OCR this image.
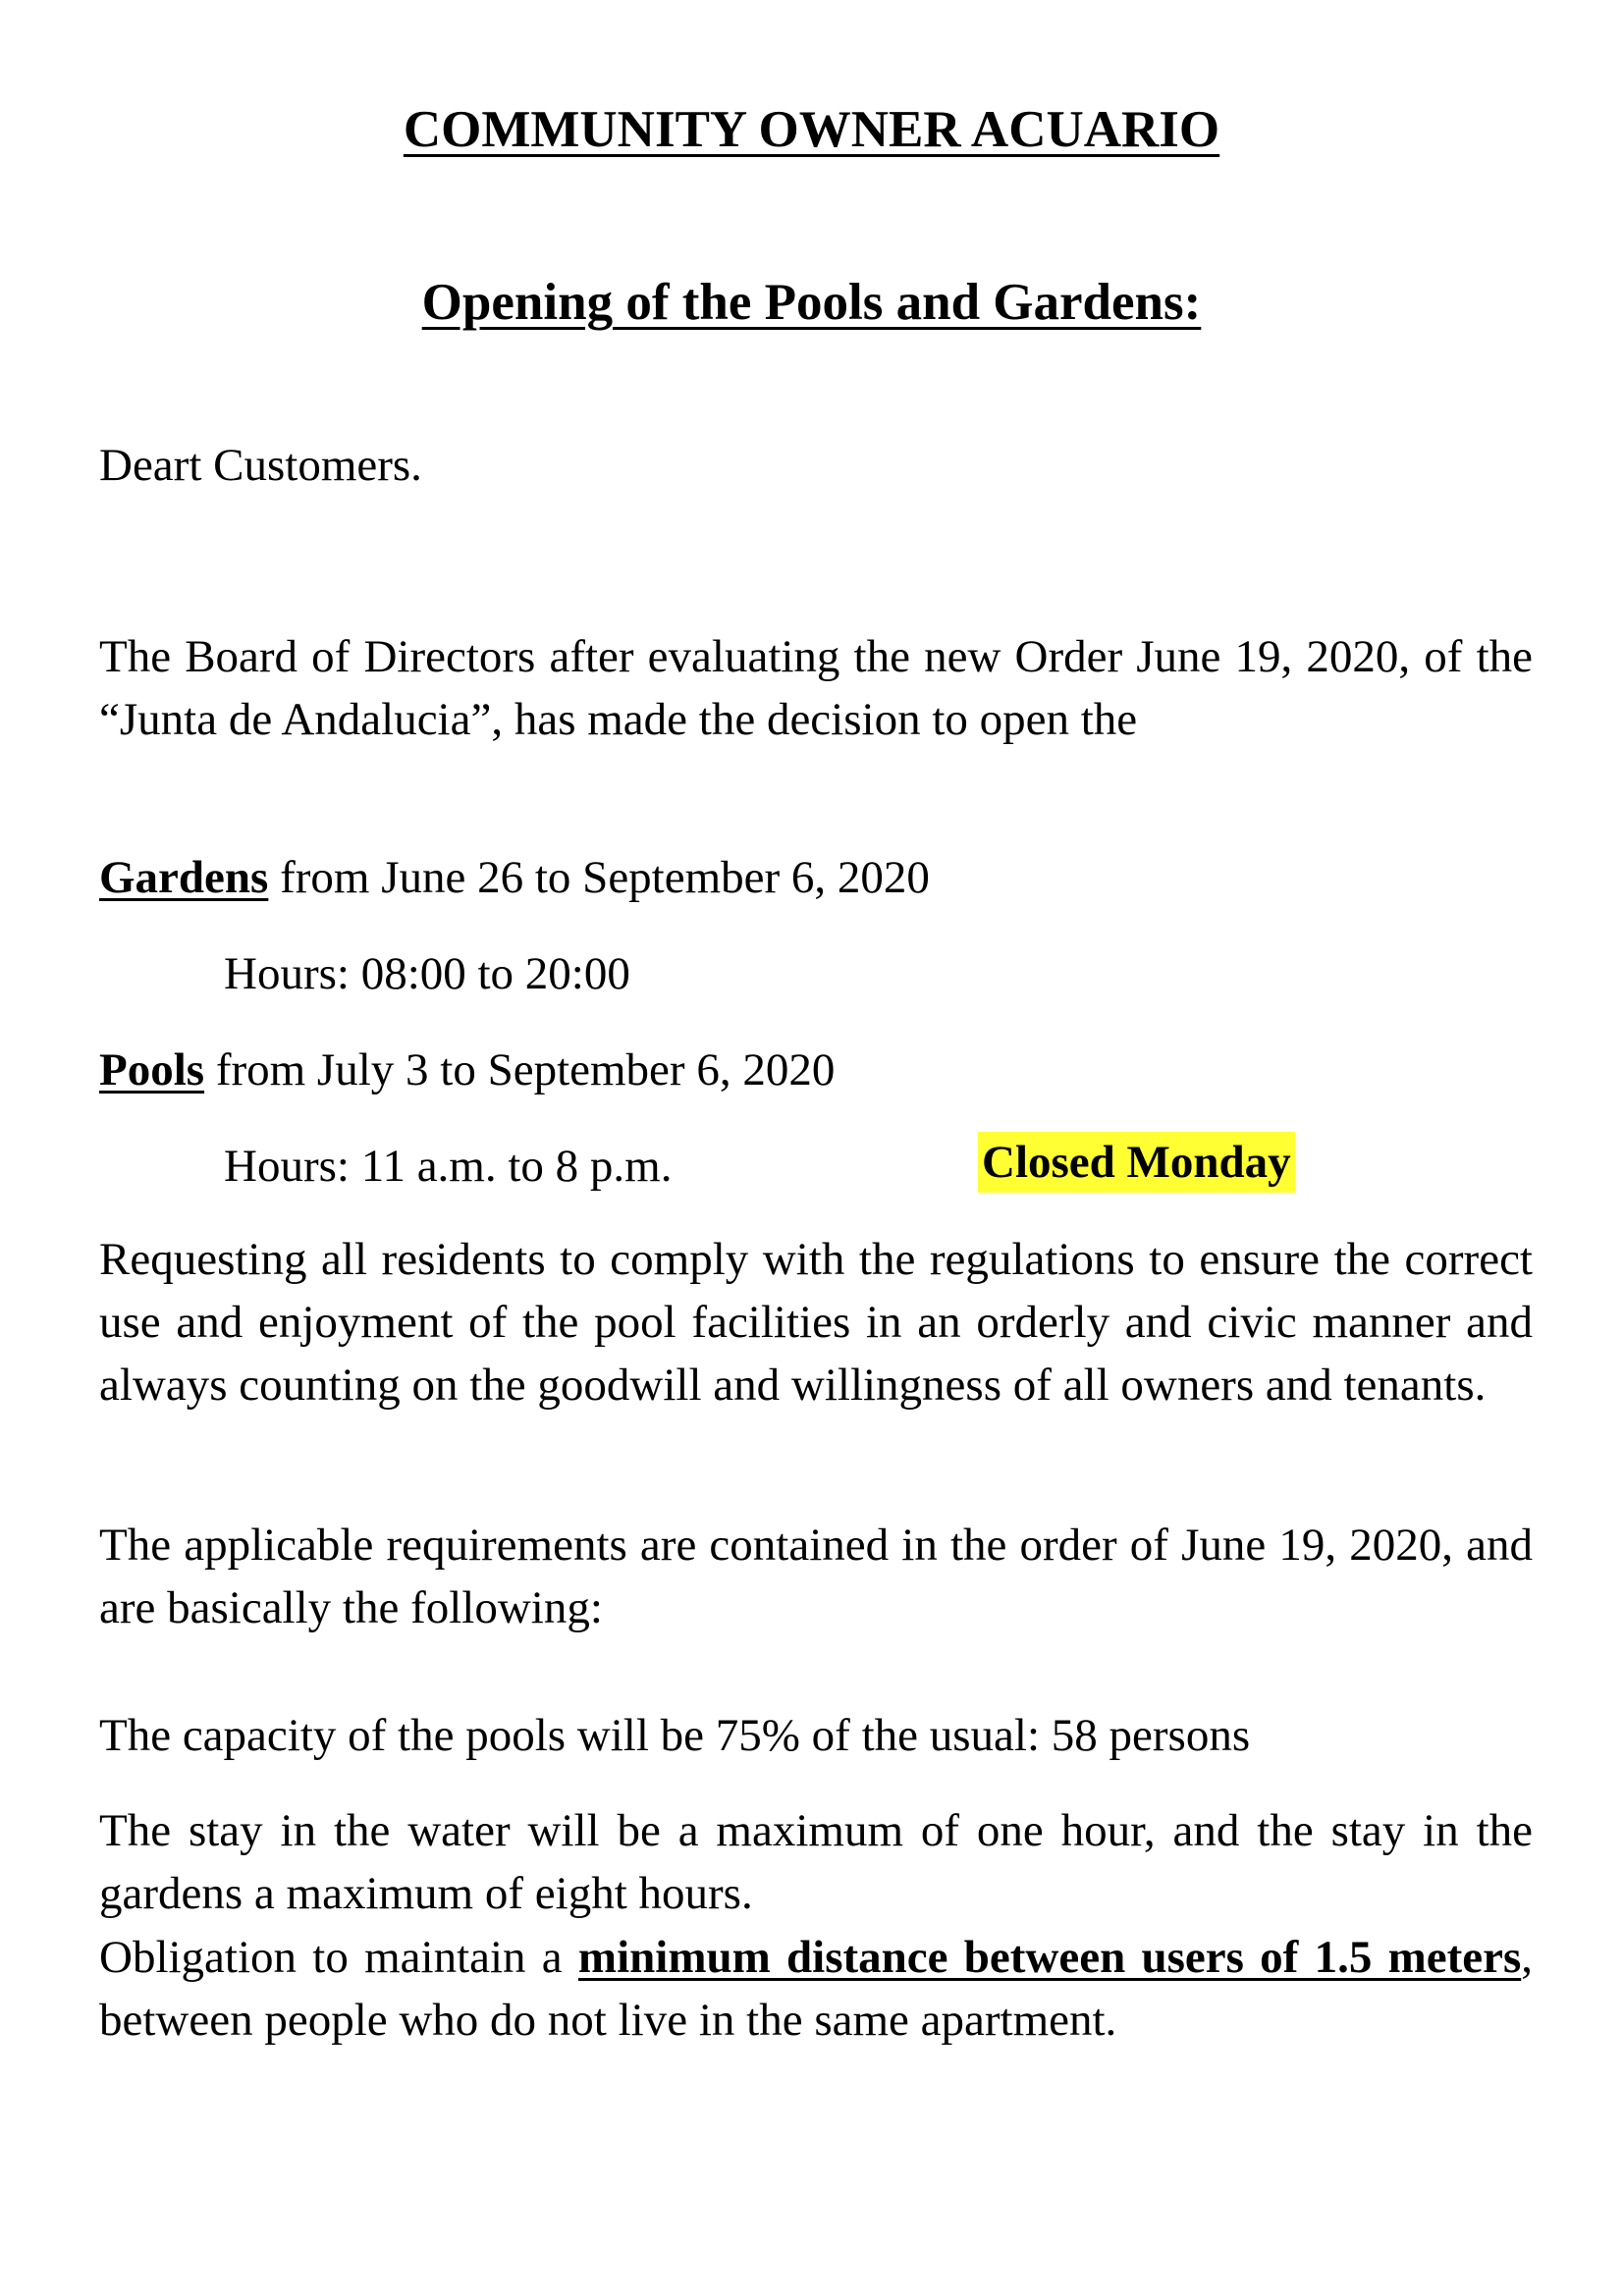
COMMUNITY OWNER ACUARIO
Opening of the Pools and Gardens:
Deart Customers.
The Board of Directors after evaluating the new Order June 19, 2020, of the “Junta de Andalucia”, has made the decision to open the
Gardens from June 26 to September 6, 2020
Hours: 08:00 to 20:00
Pools from July 3 to September 6, 2020
Hours: 11 a.m. to 8 p.m.	Closed Monday
Requesting all residents to comply with the regulations to ensure the correct use and enjoyment of the pool facilities in an orderly and civic manner and always counting on the goodwill and willingness of all owners and tenants.
The applicable requirements are contained in the order of June 19, 2020, and are basically the following:
The capacity of the pools will be 75% of the usual: 58 persons
The stay in the water will be a maximum of one hour, and the stay in the gardens a maximum of eight hours.
Obligation to maintain a minimum distance between users of 1.5 meters, between people who do not live in the same apartment.
